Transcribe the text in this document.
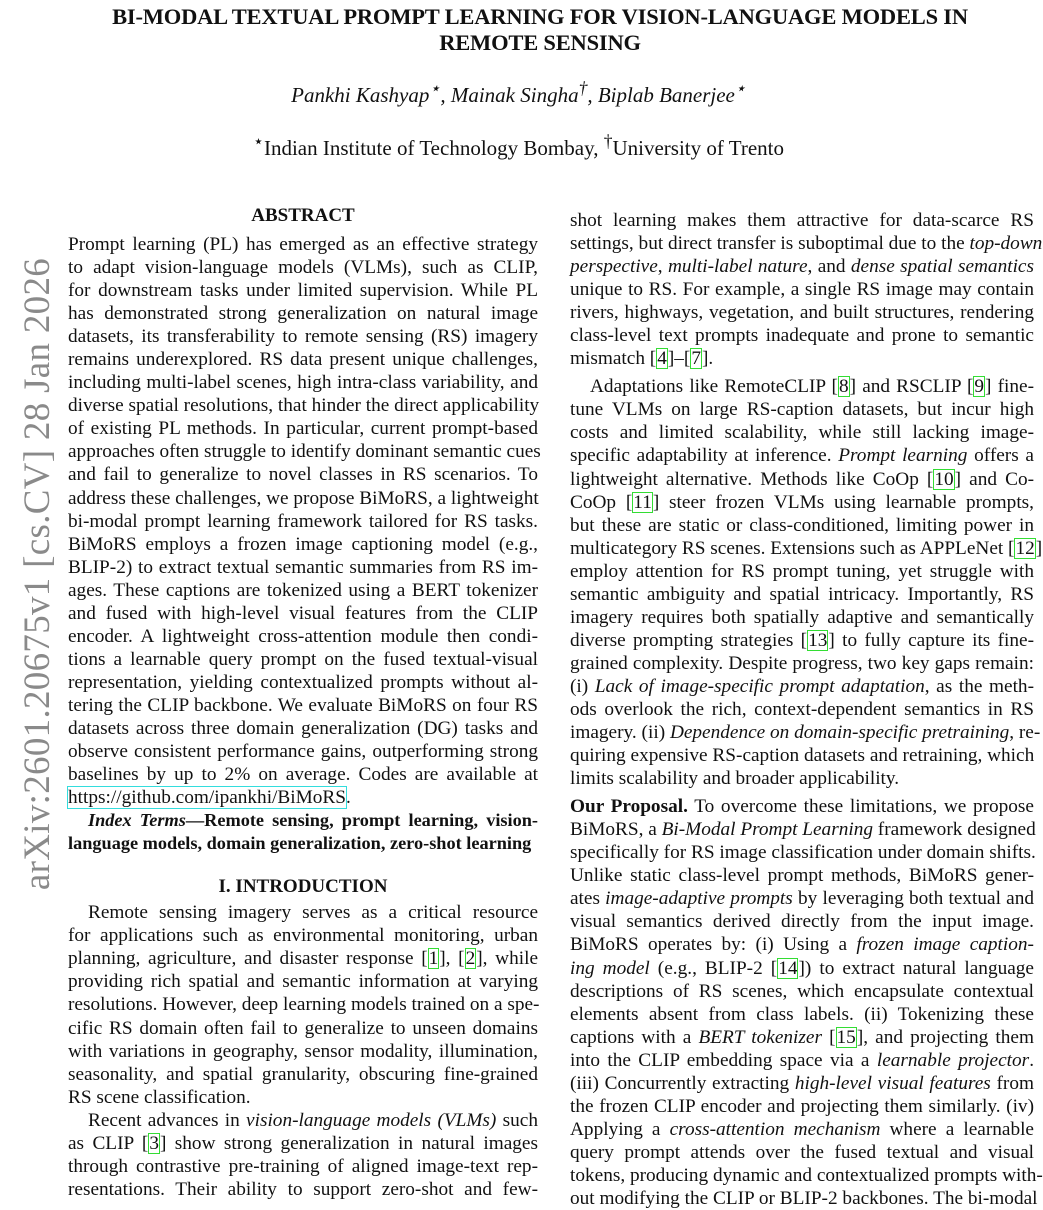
BI-MODAL TEXTUAL PROMPT LEARNING FOR VISION-LANGUAGE MODELS IN
REMOTE SENSING
Pankhi Kashyap⋆, Mainak Singha†, Biplab Banerjee⋆
⋆Indian Institute of Technology Bombay, †University of Trento
arXiv:2601.20675v1 [cs.CV] 28 Jan 2026
ABSTRACT
Prompt learning (PL) has emerged as an effective strategy
to adapt vision-language models (VLMs), such as CLIP,
for downstream tasks under limited supervision. While PL
has demonstrated strong generalization on natural image
datasets, its transferability to remote sensing (RS) imagery
remains underexplored. RS data present unique challenges,
including multi-label scenes, high intra-class variability, and
diverse spatial resolutions, that hinder the direct applicability
of existing PL methods. In particular, current prompt-based
approaches often struggle to identify dominant semantic cues
and fail to generalize to novel classes in RS scenarios. To
address these challenges, we propose BiMoRS, a lightweight
bi-modal prompt learning framework tailored for RS tasks.
BiMoRS employs a frozen image captioning model (e.g.,
BLIP-2) to extract textual semantic summaries from RS im-
ages. These captions are tokenized using a BERT tokenizer
and fused with high-level visual features from the CLIP
encoder. A lightweight cross-attention module then condi-
tions a learnable query prompt on the fused textual-visual
representation, yielding contextualized prompts without al-
tering the CLIP backbone. We evaluate BiMoRS on four RS
datasets across three domain generalization (DG) tasks and
observe consistent performance gains, outperforming strong
baselines by up to 2% on average. Codes are available at
https://github.com/ipankhi/BiMoRS.
Index Terms—Remote sensing, prompt learning, vision-
language models, domain generalization, zero-shot learning
I. INTRODUCTION
Remote sensing imagery serves as a critical resource
for applications such as environmental monitoring, urban
planning, agriculture, and disaster response [1], [2], while
providing rich spatial and semantic information at varying
resolutions. However, deep learning models trained on a spe-
cific RS domain often fail to generalize to unseen domains
with variations in geography, sensor modality, illumination,
seasonality, and spatial granularity, obscuring fine-grained
RS scene classification.
Recent advances in vision-language models (VLMs) such
as CLIP [3] show strong generalization in natural images
through contrastive pre-training of aligned image-text rep-
resentations. Their ability to support zero-shot and few-
shot learning makes them attractive for data-scarce RS
settings, but direct transfer is suboptimal due to the top-down
perspective, multi-label nature, and dense spatial semantics
unique to RS. For example, a single RS image may contain
rivers, highways, vegetation, and built structures, rendering
class-level text prompts inadequate and prone to semantic
mismatch [4]–[7].
Adaptations like RemoteCLIP [8] and RSCLIP [9] fine-
tune VLMs on large RS-caption datasets, but incur high
costs and limited scalability, while still lacking image-
specific adaptability at inference. Prompt learning offers a
lightweight alternative. Methods like CoOp [10] and Co-
CoOp [11] steer frozen VLMs using learnable prompts,
but these are static or class-conditioned, limiting power in
multicategory RS scenes. Extensions such as APPLeNet [12]
employ attention for RS prompt tuning, yet struggle with
semantic ambiguity and spatial intricacy. Importantly, RS
imagery requires both spatially adaptive and semantically
diverse prompting strategies [13] to fully capture its fine-
grained complexity. Despite progress, two key gaps remain:
(i) Lack of image-specific prompt adaptation, as the meth-
ods overlook the rich, context-dependent semantics in RS
imagery. (ii) Dependence on domain-specific pretraining, re-
quiring expensive RS-caption datasets and retraining, which
limits scalability and broader applicability.
Our Proposal. To overcome these limitations, we propose
BiMoRS, a Bi-Modal Prompt Learning framework designed
specifically for RS image classification under domain shifts.
Unlike static class-level prompt methods, BiMoRS gener-
ates image-adaptive prompts by leveraging both textual and
visual semantics derived directly from the input image.
BiMoRS operates by: (i) Using a frozen image caption-
ing model (e.g., BLIP-2 [14]) to extract natural language
descriptions of RS scenes, which encapsulate contextual
elements absent from class labels. (ii) Tokenizing these
captions with a BERT tokenizer [15], and projecting them
into the CLIP embedding space via a learnable projector.
(iii) Concurrently extracting high-level visual features from
the frozen CLIP encoder and projecting them similarly. (iv)
Applying a cross-attention mechanism where a learnable
query prompt attends over the fused textual and visual
tokens, producing dynamic and contextualized prompts with-
out modifying the CLIP or BLIP-2 backbones. The bi-modal
